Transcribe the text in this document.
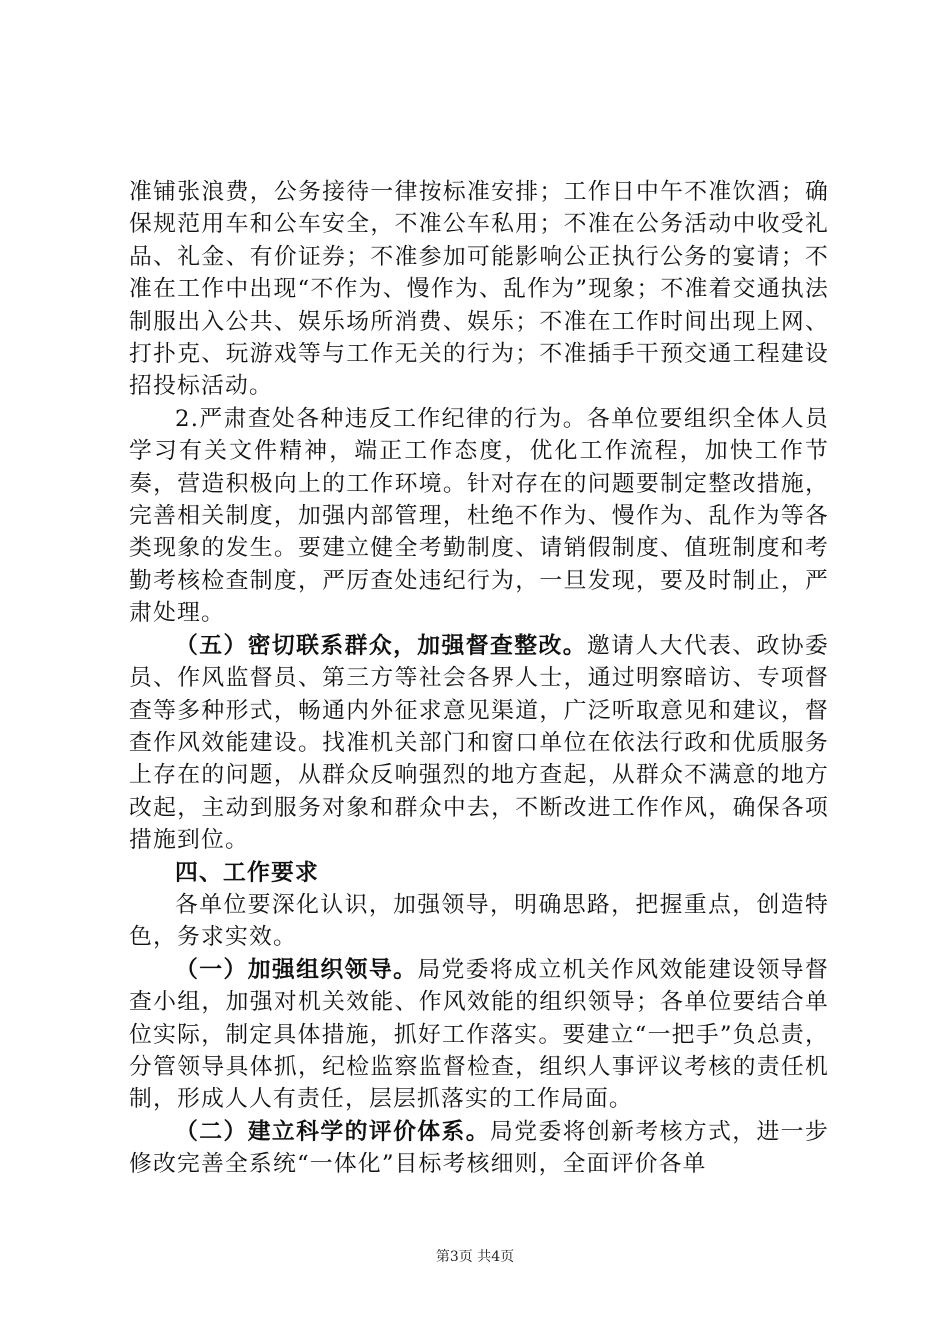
准铺张浪费，公务接待一律按标准安排；工作日中午不准饮酒；确保规范用车和公车安全，不准公车私用；不准在公务活动中收受礼品、礼金、有价证券；不准参加可能影响公正执行公务的宴请；不准在工作中出现“不作为、慢作为、乱作为”现象；不准着交通执法制服出入公共、娱乐场所消费、娱乐；不准在工作时间出现上网、打扑克、玩游戏等与工作无关的行为；不准插手干预交通工程建设招投标活动。

2.严肃查处各种违反工作纪律的行为。各单位要组织全体人员学习有关文件精神，端正工作态度，优化工作流程，加快工作节奏，营造积极向上的工作环境。针对存在的问题要制定整改措施，完善相关制度，加强内部管理，杜绝不作为、慢作为、乱作为等各类现象的发生。要建立健全考勤制度、请销假制度、值班制度和考勤考核检查制度，严厉查处违纪行为，一旦发现，要及时制止，严肃处理。

（五）密切联系群众，加强督查整改。邀请人大代表、政协委员、作风监督员、第三方等社会各界人士，通过明察暗访、专项督查等多种形式，畅通内外征求意见渠道，广泛听取意见和建议，督查作风效能建设。找准机关部门和窗口单位在依法行政和优质服务上存在的问题，从群众反响强烈的地方查起，从群众不满意的地方改起，主动到服务对象和群众中去，不断改进工作作风，确保各项措施到位。

四、工作要求

各单位要深化认识，加强领导，明确思路，把握重点，创造特色，务求实效。

（一）加强组织领导。局党委将成立机关作风效能建设领导督查小组，加强对机关效能、作风效能的组织领导；各单位要结合单位实际，制定具体措施，抓好工作落实。要建立“一把手”负总责，分管领导具体抓，纪检监察监督检查，组织人事评议考核的责任机制，形成人人有责任，层层抓落实的工作局面。

（二）建立科学的评价体系。局党委将创新考核方式，进一步修改完善全系统“一体化”目标考核细则，全面评价各单

第3页 共4页
